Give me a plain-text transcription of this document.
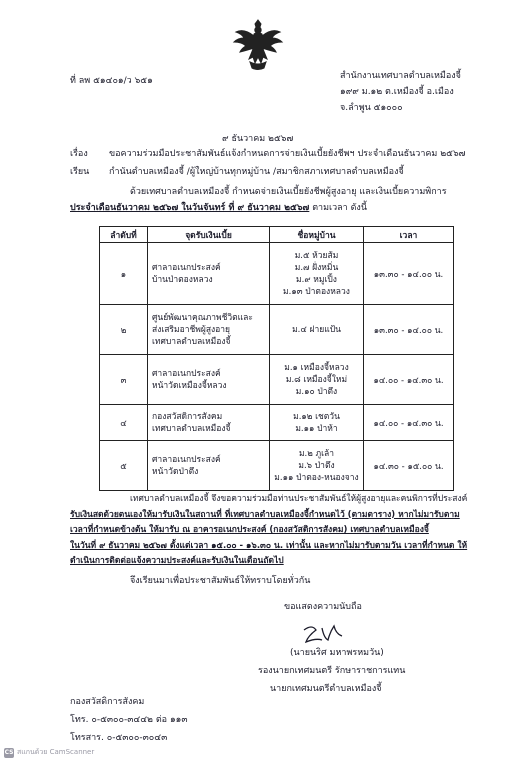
ที่ ลพ ๕๑๔๐๑/ว ๖๕๑	สำนักงานเทศบาลตำบลเหมืองจี้
๑๙๙ ม.๑๒ ต.เหมืองจี้ อ.เมือง
จ.ลำพูน ๕๑๐๐๐
๙ ธันวาคม ๒๕๖๗
เรื่อง ขอความร่วมมือประชาสัมพันธ์แจ้งกำหนดการจ่ายเงินเบี้ยยังชีพฯ ประจำเดือนธันวาคม ๒๕๖๗
เรียน กำนันตำบลเหมืองจี้ /ผู้ใหญ่บ้านทุกหมู่บ้าน /สมาชิกสภาเทศบาลตำบลเหมืองจี้
ด้วยเทศบาลตำบลเหมืองจี้ กำหนดจ่ายเงินเบี้ยยังชีพผู้สูงอายุ และเงินเบี้ยความพิการ
ประจำเดือนธันวาคม ๒๕๖๗ ในวันจันทร์ ที่ ๙ ธันวาคม ๒๕๖๗ ตามเวลา ดังนี้
ลำดับที่	จุดรับเงินเบี้ย	ชื่อหมู่บ้าน	เวลา
๑	ศาลาอเนกประสงค์
บ้านป่าตองหลวง	ม.๕ ห้วยส้ม
ม.๗ ฝั่งหมิ่น
ม.๙ หมูเปิ้ง
ม.๑๓ ป่าตองหลวง	๑๓.๓๐ - ๑๔.๐๐ น.
๒	ศูนย์พัฒนาคุณภาพชีวิตและ
ส่งเสริมอาชีพผู้สูงอายุ
เทศบาลตำบลเหมืองจี้	ม.๔ ฝายแป้น	๑๓.๓๐ - ๑๔.๐๐ น.
๓	ศาลาอเนกประสงค์
หน้าวัดเหมืองจี้หลวง	ม.๑ เหมืองจี้หลวง
ม.๘ เหมืองจี้ใหม่
ม.๑๐ ป่าตึง	๑๔.๐๐ - ๑๔.๓๐ น.
๔	กองสวัสดิการสังคม
เทศบาลตำบลเหมืองจี้	ม.๑๒ เชตวัน
ม.๑๑ ป่าห้า	๑๔.๐๐ - ๑๔.๓๐ น.
๕	ศาลาอเนกประสงค์
หน้าวัดป่าตึง	ม.๒ ภูเล้า
ม.๖ ป่าตึง
ม.๑๑ ป่าตอง-หนองจาง	๑๔.๓๐ - ๑๕.๐๐ น.
เทศบาลตำบลเหมืองจี้ จึงขอความร่วมมือท่านประชาสัมพันธ์ให้ผู้สูงอายุและคนพิการที่ประสงค์
รับเงินสดด้วยตนเองให้มารับเงินในสถานที่ ที่เทศบาลตำบลเหมืองจี้กำหนดไว้ (ตามตาราง) หากไม่มารับตาม
เวลาที่กำหนดข้างต้น ให้มารับ ณ อาคารอเนกประสงค์ (กองสวัสดิการสังคม) เทศบาลตำบลเหมืองจี้
ในวันที่ ๙ ธันวาคม ๒๕๖๗ ตั้งแต่เวลา ๑๕.๐๐ - ๑๖.๓๐ น. เท่านั้น และหากไม่มารับตามวัน เวลาที่กำหนด ให้
ดำเนินการติดต่อแจ้งความประสงค์และรับเงินในเดือนถัดไป
จึงเรียนมาเพื่อประชาสัมพันธ์ให้ทราบโดยทั่วกัน
ขอแสดงความนับถือ
(นายนริศ มหาพรหมวัน)
รองนายกเทศมนตรี รักษาราชการแทน
นายกเทศมนตรีตำบลเหมืองจี้
กองสวัสดิการสังคม
โทร. ๐-๕๓๐๐-๓๔๔๒ ต่อ ๑๑๓
โทรสาร. ๐-๕๓๐๐-๓๐๔๓
CS สแกนด้วย CamScanner
